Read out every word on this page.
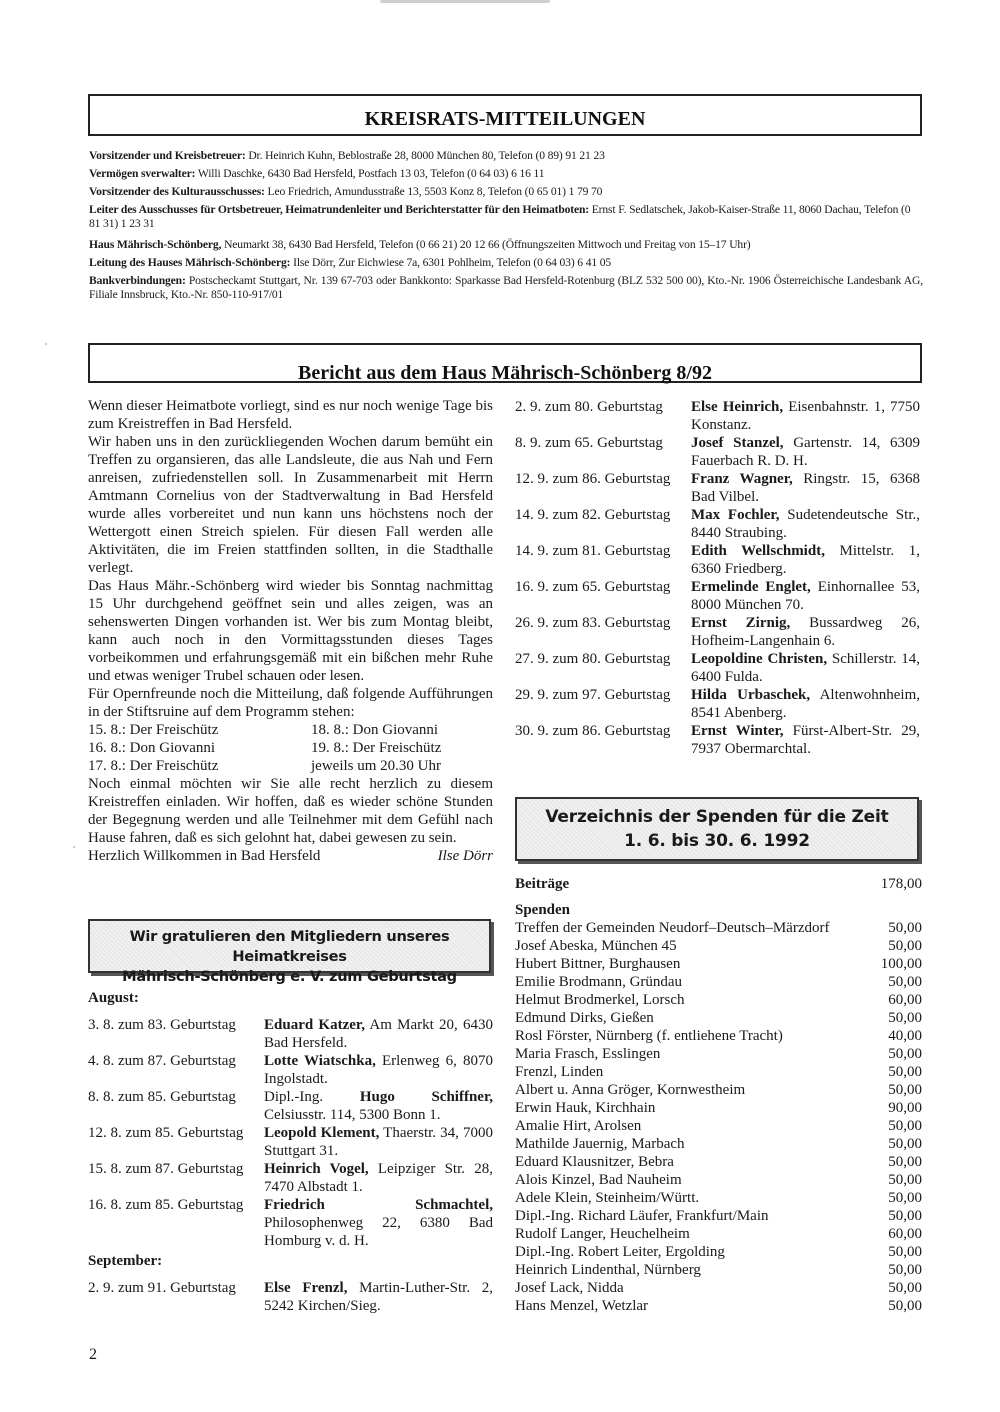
KREISRATS-MITTEILUNGEN
Vorsitzender und Kreisbetreuer: Dr. Heinrich Kuhn, Beblostraße 28, 8000 München 80, Telefon (0 89) 91 21 23
Vermögen sverwalter: Willi Daschke, 6430 Bad Hersfeld, Postfach 13 03, Telefon (0 64 03) 6 16 11
Vorsitzender des Kulturausschusses: Leo Friedrich, Amundusstraße 13, 5503 Konz 8, Telefon (0 65 01) 1 79 70
Leiter des Ausschusses für Ortsbetreuer, Heimatrundenleiter und Berichterstatter für den Heimatboten: Ernst F. Sedlatschek, Jakob-Kaiser-Straße 11, 8060 Dachau, Telefon (0 81 31) 1 23 31
Haus Mährisch-Schönberg, Neumarkt 38, 6430 Bad Hersfeld, Telefon (0 66 21) 20 12 66 (Öffnungszeiten Mittwoch und Freitag von 15–17 Uhr)
Leitung des Hauses Mährisch-Schönberg: Ilse Dörr, Zur Eichwiese 7a, 6301 Pohlheim, Telefon (0 64 03) 6 41 05
Bankverbindungen: Postscheckamt Stuttgart, Nr. 139 67-703 oder Bankkonto: Sparkasse Bad Hersfeld-Rotenburg (BLZ 532 500 00), Kto.-Nr. 1906 Österreichische Landesbank AG, Filiale Innsbruck, Kto.-Nr. 850-110-917/01
Bericht aus dem Haus Mährisch-Schönberg 8/92

Wenn dieser Heimatbote vorliegt, sind es nur noch wenige Tage bis zum Kreistreffen in Bad Hersfeld.

Wir haben uns in den zurückliegenden Wochen darum bemüht ein Treffen zu organsieren, das alle Landsleute, die aus Nah und Fern anreisen, zufriedenstellen soll. In Zusammenarbeit mit Herrn Amtmann Cornelius von der Stadtverwaltung in Bad Hersfeld wurde alles vorbereitet und nun kann uns höchstens noch der Wettergott einen Streich spielen. Für diesen Fall werden alle Aktivitäten, die im Freien stattfinden sollten, in die Stadthalle verlegt.

Das Haus Mähr.-Schönberg wird wieder bis Sonntag nachmittag 15 Uhr durchgehend geöffnet sein und alles zeigen, was an sehenswerten Dingen vorhanden ist. Wer bis zum Montag bleibt, kann auch noch in den Vormittagsstunden dieses Tages vorbeikommen und erfahrungsgemäß mit ein bißchen mehr Ruhe und etwas weniger Trubel schauen oder lesen.

Für Opernfreunde noch die Mitteilung, daß folgende Aufführungen in der Stiftsruine auf dem Programm stehen:

15. 8.: Der Freischütz	18. 8.: Don Giovanni
16. 8.: Don Giovanni	19. 8.: Der Freischütz
17. 8.: Der Freischütz	jeweils um 20.30 Uhr

Noch einmal möchten wir Sie alle recht herzlich zu diesem Kreistreffen einladen. Wir hoffen, daß es wieder schöne Stunden der Begegnung werden und alle Teilnehmer mit dem Gefühl nach Hause fahren, daß es sich gelohnt hat, dabei gewesen zu sein.

Herzlich Willkommen in Bad Hersfeld	Ilse Dörr
2. 9. zum 80. Geburtstag	Else Heinrich, Eisenbahnstr. 1, 7750 Konstanz.
8. 9. zum 65. Geburtstag	Josef Stanzel, Gartenstr. 14, 6309 Fauerbach R. D. H.
12. 9. zum 86. Geburtstag	Franz Wagner, Ringstr. 15, 6368 Bad Vilbel.
14. 9. zum 82. Geburtstag	Max Fochler, Sudetendeutsche Str., 8440 Straubing.
14. 9. zum 81. Geburtstag	Edith Wellschmidt, Mittelstr. 1, 6360 Friedberg.
16. 9. zum 65. Geburtstag	Ermelinde Englet, Einhornallee 53, 8000 München 70.
26. 9. zum 83. Geburtstag	Ernst Zirnig, Bussardweg 26, Hofheim-Langenhain 6.
27. 9. zum 80. Geburtstag	Leopoldine Christen, Schillerstr. 14, 6400 Fulda.
29. 9. zum 97. Geburtstag	Hilda Urbaschek, Altenwohnheim, 8541 Abenberg.
30. 9. zum 86. Geburtstag	Ernst Winter, Fürst-Albert-Str. 29, 7937 Obermarchtal.
Verzeichnis der Spenden für die Zeit
1. 6. bis 30. 6. 1992
Beiträge	178,00
Spenden
Treffen der Gemeinden Neudorf–Deutsch–Märzdorf	50,00
Josef Abeska, München 45	50,00
Hubert Bittner, Burghausen	100,00
Emilie Brodmann, Gründau	50,00
Helmut Brodmerkel, Lorsch	60,00
Edmund Dirks, Gießen	50,00
Rosl Förster, Nürnberg (f. entliehene Tracht)	40,00
Maria Frasch, Esslingen	50,00
Frenzl, Linden	50,00
Albert u. Anna Gröger, Kornwestheim	50,00
Erwin Hauk, Kirchhain	90,00
Amalie Hirt, Arolsen	50,00
Mathilde Jauernig, Marbach	50,00
Eduard Klausnitzer, Bebra	50,00
Alois Kinzel, Bad Nauheim	50,00
Adele Klein, Steinheim/Württ.	50,00
Dipl.-Ing. Richard Läufer, Frankfurt/Main	50,00
Rudolf Langer, Heuchelheim	60,00
Dipl.-Ing. Robert Leiter, Ergolding	50,00
Heinrich Lindenthal, Nürnberg	50,00
Josef Lack, Nidda	50,00
Hans Menzel, Wetzlar	50,00
Wir gratulieren den Mitgliedern unseres Heimatkreises
Mährisch-Schönberg e. V. zum Geburtstag
August:
3. 8. zum 83. Geburtstag	Eduard Katzer, Am Markt 20, 6430 Bad Hersfeld.
4. 8. zum 87. Geburtstag	Lotte Wiatschka, Erlenweg 6, 8070 Ingolstadt.
8. 8. zum 85. Geburtstag	Dipl.-Ing. Hugo Schiffner, Celsiusstr. 114, 5300 Bonn 1.
12. 8. zum 85. Geburtstag	Leopold Klement, Thaerstr. 34, 7000 Stuttgart 31.
15. 8. zum 87. Geburtstag	Heinrich Vogel, Leipziger Str. 28, 7470 Albstadt 1.
16. 8. zum 85. Geburtstag	Friedrich Schmachtel, Philosophenweg 22, 6380 Bad Homburg v. d. H.
September:
2. 9. zum 91. Geburtstag	Else Frenzl, Martin-Luther-Str. 2, 5242 Kirchen/Sieg.
2
